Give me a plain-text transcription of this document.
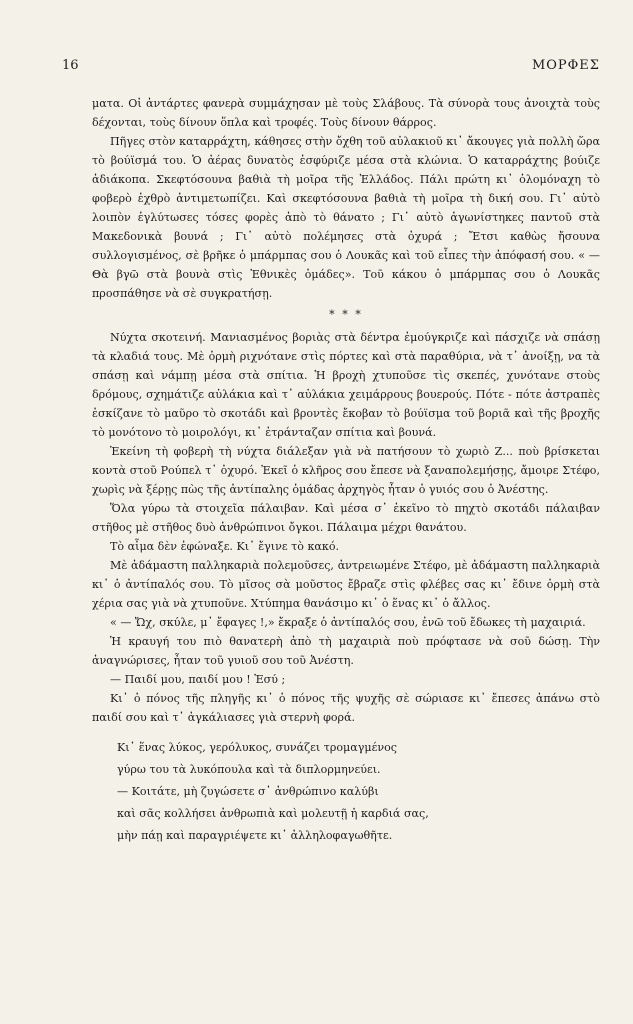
16	ΜΟΡΦΕΣ

ματα. Οἱ ἀντάρτες φανερὰ συμμάχησαν μὲ τοὺς Σλάβους. Τὰ σύνορὰ τους ἀνοιχτὰ τοὺς δέχονται, τοὺς δίνουν ὅπλα καὶ τροφές. Τοὺς δίνουν θάρρος.

Πῆγες στὸν καταρράχτη, κάθησες στὴν ὄχθη τοῦ αὐλακιοῦ κι᾽ ἄκουγες γιὰ πολλὴ ὥρα τὸ βούϊσμά του. Ὁ ἀέρας δυνατὸς ἐσφύριζε μέσα στὰ κλώνια. Ὁ καταρράχτης βούιζε ἀδιάκοπα. Σκεφτόσουνα βαθιὰ τὴ μοῖρα τῆς Ἑλλάδος. Πάλι πρώτη κι᾽ ὁλομόναχη τὸ φοβερὸ ἐχθρὸ ἀντιμετωπίζει. Καὶ σκεφτόσουνα βαθιὰ τὴ μοῖρα τὴ δική σου. Γι᾽ αὐτὸ λοιπὸν ἐγλύτωσες τόσες φορὲς ἀπὸ τὸ θάνατο ; Γι᾽ αὐτὸ ἀγωνίστηκες παντοῦ στὰ Μακεδονικὰ βουνά ; Γι᾽ αὐτὸ πολέμησες στὰ ὀχυρά ; Ἔτσι καθὼς ἤσουνα συλλογισμένος, σὲ βρῆκε ὁ μπάρμπας σου ὁ Λουκᾶς καὶ τοῦ εἶπες τὴν ἀπόφασή σου. « — Θὰ βγῶ στὰ βουνὰ στὶς Ἐθνικὲς ὁμάδες». Τοῦ κάκου ὁ μπάρμπας σου ὁ Λουκᾶς προσπάθησε νὰ σὲ συγκρατήσῃ.

* * *

Νύχτα σκοτεινή. Μανιασμένος βοριὰς στὰ δέντρα ἐμούγκριζε καὶ πάσχιζε νὰ σπάσῃ τὰ κλαδιά τους. Μὲ ὁρμὴ ριχνότανε στὶς πόρτες καὶ στὰ παραθύρια, νὰ τ᾽ ἀνοίξῃ, να τὰ σπάσῃ καὶ νάμπῃ μέσα στὰ σπίτια. Ἡ βροχὴ χτυποῦσε τὶς σκεπές, χυνότανε στοὺς δρόμους, σχημάτιζε αὐλάκια καὶ τ᾽ αὐλάκια χειμάρρους βουερούς. Πότε - πότε ἀστραπὲς ἐσκίζανε τὸ μαῦρο τὸ σκοτάδι καὶ βροντὲς ἔκοβαν τὸ βούϊσμα τοῦ βοριᾶ καὶ τῆς βροχῆς τὸ μονότονο τὸ μοιρολόγι, κι᾽ ἐτράνταζαν σπίτια καὶ βουνά.

Ἐκείνη τὴ φοβερὴ τὴ νύχτα διάλεξαν γιὰ νὰ πατήσουν τὸ χωριὸ Ζ... ποὺ βρίσκεται κοντὰ στοῦ Ρούπελ τ᾽ ὀχυρό. Ἐκεῖ ὁ κλῆρος σου ἔπεσε νὰ ξαναπολεμήσῃς, ἄμοιρε Στέφο, χωρὶς νὰ ξέρῃς πὼς τῆς ἀντίπαλης ὁμάδας ἀρχηγὸς ἦταν ὁ γυιός σου ὁ Ἀνέστης.

Ὅλα γύρω τὰ στοιχεῖα πάλαιβαν. Καὶ μέσα σ᾽ ἐκεῖνο τὸ πηχτὸ σκοτάδι πάλαιβαν στῆθος μὲ στῆθος δυὸ ἀνθρώπινοι ὄγκοι. Πάλαιμα μέχρι θανάτου.

Τὸ αἷμα δὲν ἐφώναξε. Κι᾽ ἔγινε τὸ κακό.

Μὲ ἀδάμαστη παλληκαριὰ πολεμοῦσες, ἀντρειωμένε Στέφο, μὲ ἀδάμαστη παλληκαριὰ κι᾽ ὁ ἀντίπαλός σου. Τὸ μῖσος σὰ μοῦστος ἔβραζε στὶς φλέβες σας κι᾽ ἔδινε ὁρμὴ στὰ χέρια σας γιὰ νὰ χτυποῦνε. Χτύπημα θανάσιμο κι᾽ ὁ ἕνας κι᾽ ὁ ἄλλος.

« — Ὤχ, σκύλε, μ᾽ ἔφαγες !,» ἔκραξε ὁ ἀντίπαλός σου, ἐνῶ τοῦ ἔδωκες τὴ μαχαιριά.

Ἡ κραυγή του πιὸ θανατερὴ ἀπὸ τὴ μαχαιριὰ ποὺ πρόφτασε νὰ σοῦ δώσῃ. Τὴν ἀναγνώρισες, ἦταν τοῦ γυιοῦ σου τοῦ Ἀνέστη.

— Παιδί μου, παιδί μου ! Ἐσύ ;

Κι᾽ ὁ πόνος τῆς πληγῆς κι᾽ ὁ πόνος τῆς ψυχῆς σὲ σώριασε κι᾽ ἔπεσες ἀπάνω στὸ παιδί σου καὶ τ᾽ ἀγκάλιασες γιὰ στερνὴ φορά.

Κι᾽ ἕνας λύκος, γερόλυκος, συνάζει τρομαγμένος
γύρω του τὰ λυκόπουλα καὶ τὰ διπλορμηνεύει.
— Κοιτάτε, μὴ ζυγώσετε σ᾽ ἀνθρώπινο καλύβι
καὶ σᾶς κολλήσει ἀνθρωπιὰ καὶ μολευτῇ ἡ καρδιά σας,
μὴν πάῃ καὶ παραγριέψετε κι᾽ ἀλληλοφαγωθῆτε.
